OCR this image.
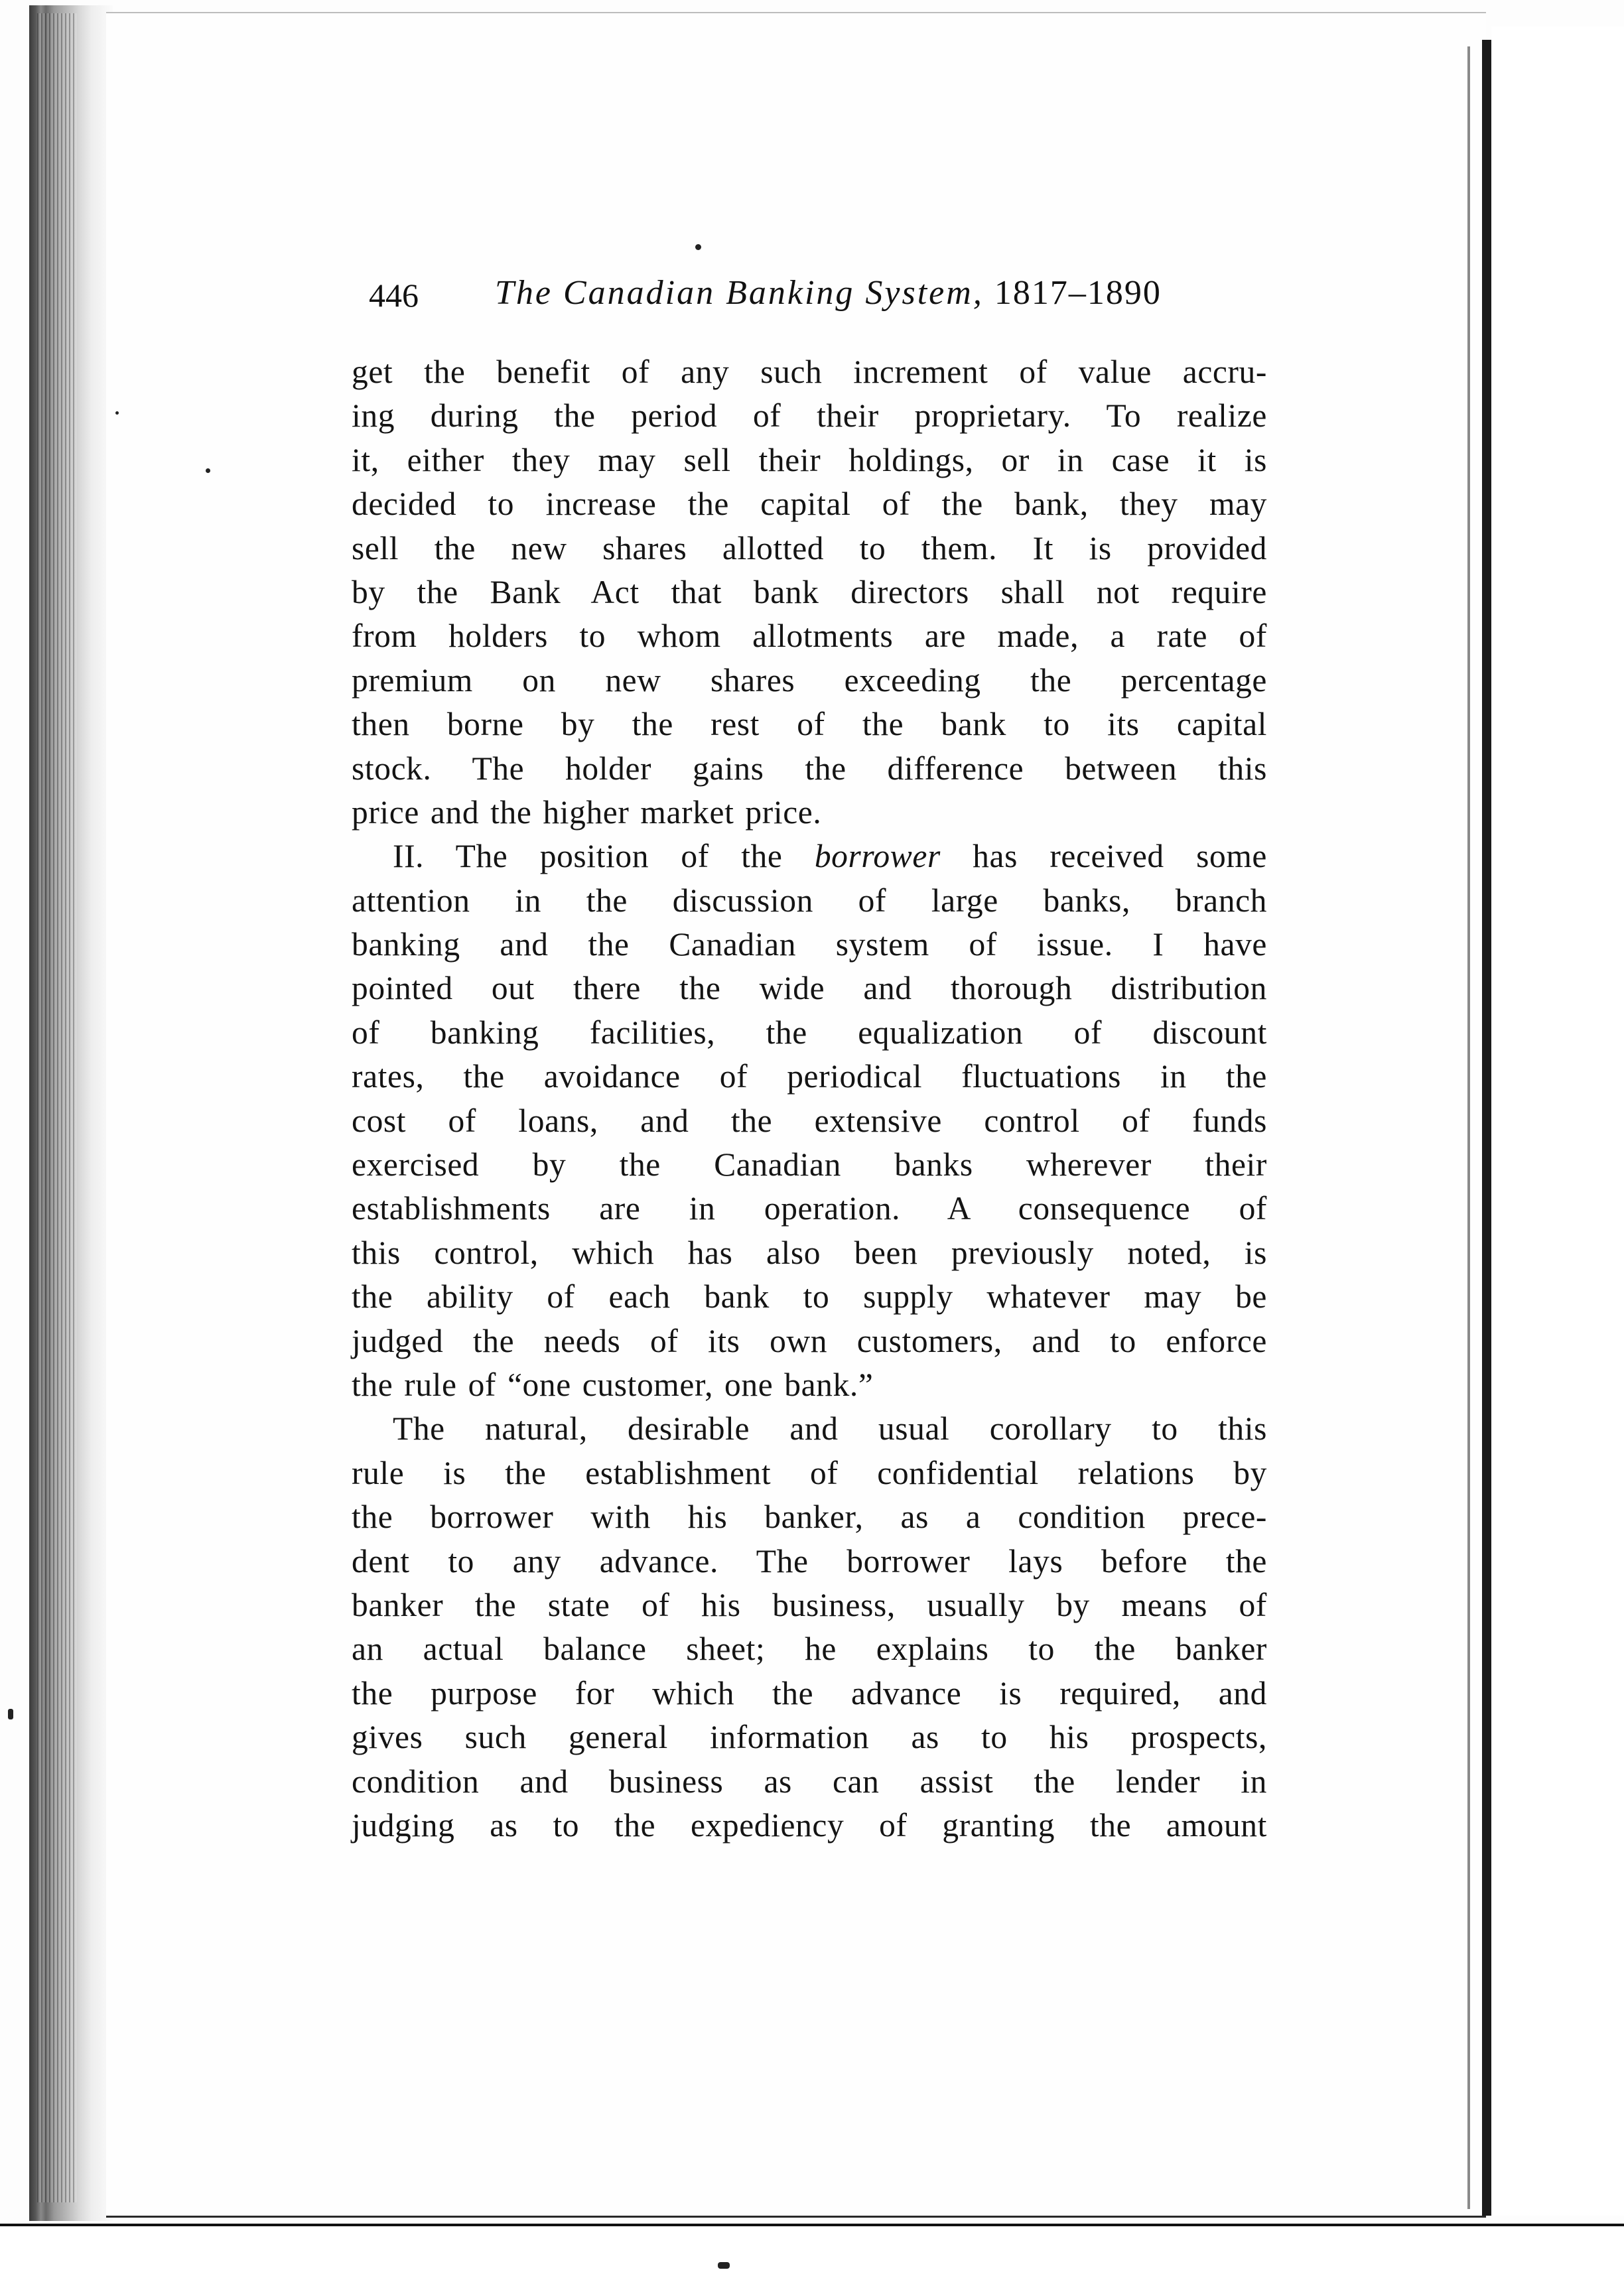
446 The Canadian Banking System, 1817–1890
get the benefit of any such increment of value accru-
ing during the period of their proprietary. To realize
it, either they may sell their holdings, or in case it is
decided to increase the capital of the bank, they may
sell the new shares allotted to them. It is provided
by the Bank Act that bank directors shall not require
from holders to whom allotments are made, a rate of
premium on new shares exceeding the percentage
then borne by the rest of the bank to its capital
stock. The holder gains the difference between this
price and the higher market price.
II. The position of the borrower has received some
attention in the discussion of large banks, branch
banking and the Canadian system of issue. I have
pointed out there the wide and thorough distribution
of banking facilities, the equalization of discount
rates, the avoidance of periodical fluctuations in the
cost of loans, and the extensive control of funds
exercised by the Canadian banks wherever their
establishments are in operation. A consequence of
this control, which has also been previously noted, is
the ability of each bank to supply whatever may be
judged the needs of its own customers, and to enforce
the rule of “one customer, one bank.”
The natural, desirable and usual corollary to this
rule is the establishment of confidential relations by
the borrower with his banker, as a condition prece-
dent to any advance. The borrower lays before the
banker the state of his business, usually by means of
an actual balance sheet; he explains to the banker
the purpose for which the advance is required, and
gives such general information as to his prospects,
condition and business as can assist the lender in
judging as to the expediency of granting the amount
